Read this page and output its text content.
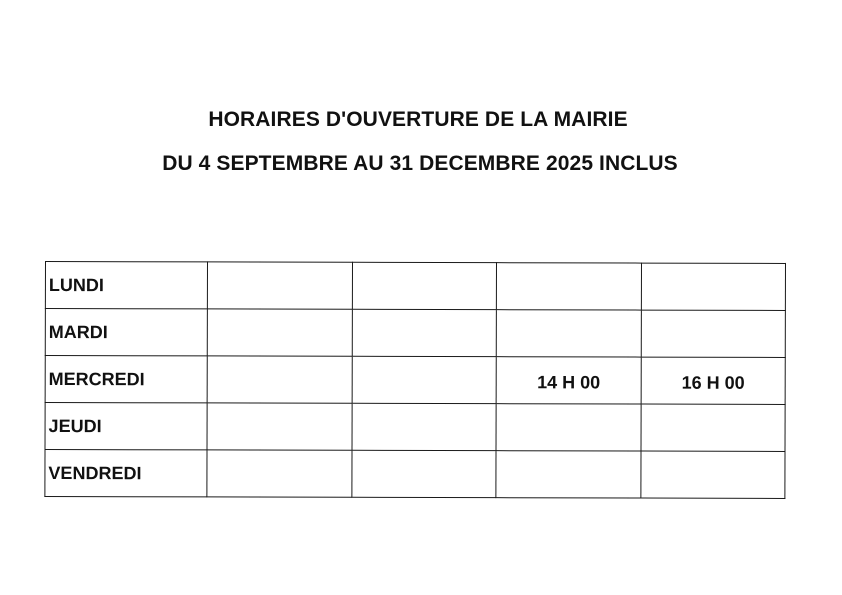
HORAIRES D'OUVERTURE DE LA MAIRIE
DU 4 SEPTEMBRE AU 31 DECEMBRE 2025 INCLUS
LUNDI				
MARDI				
MERCREDI			14 H 00	16 H 00
JEUDI				
VENDREDI				
